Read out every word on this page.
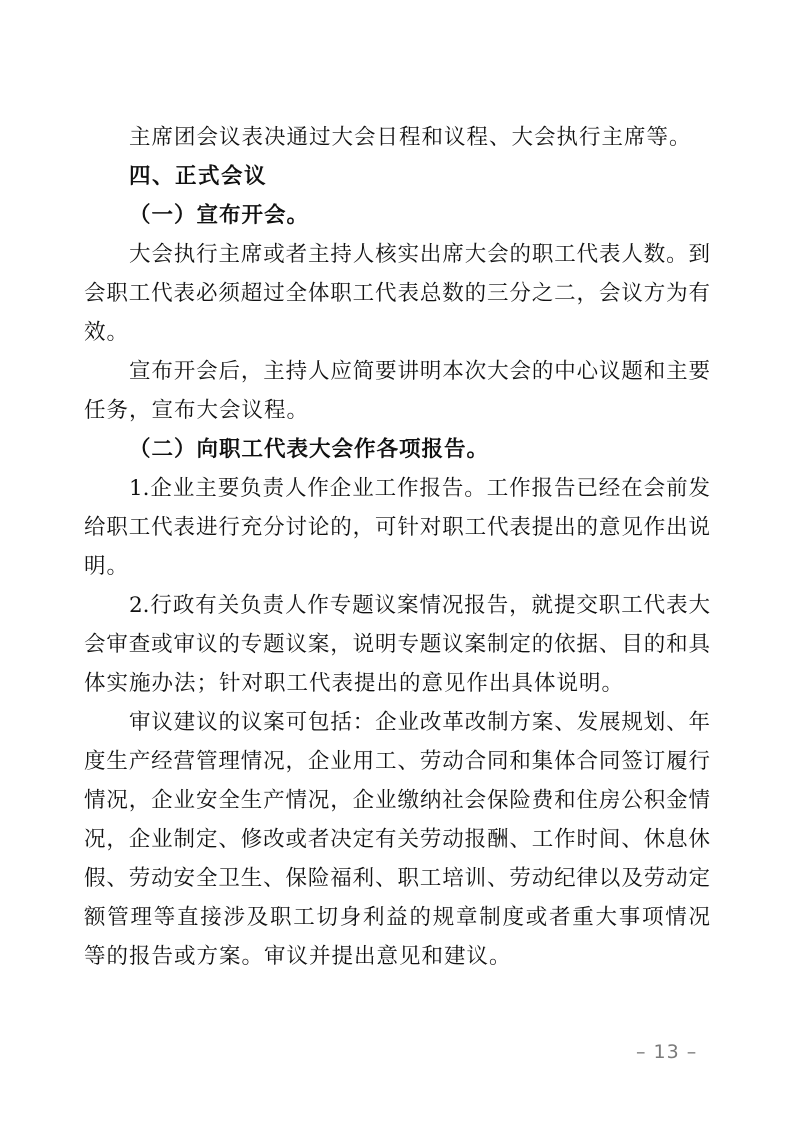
主席团会议表决通过大会日程和议程、大会执行主席等。
四、正式会议
（一）宣布开会。
大会执行主席或者主持人核实出席大会的职工代表人数。到
会职工代表必须超过全体职工代表总数的三分之二，会议方为有
效。
宣布开会后，主持人应简要讲明本次大会的中心议题和主要
任务，宣布大会议程。
（二）向职工代表大会作各项报告。
1.企业主要负责人作企业工作报告。工作报告已经在会前发
给职工代表进行充分讨论的，可针对职工代表提出的意见作出说
明。
2.行政有关负责人作专题议案情况报告，就提交职工代表大
会审查或审议的专题议案，说明专题议案制定的依据、目的和具
体实施办法；针对职工代表提出的意见作出具体说明。
审议建议的议案可包括：企业改革改制方案、发展规划、年
度生产经营管理情况，企业用工、劳动合同和集体合同签订履行
情况，企业安全生产情况，企业缴纳社会保险费和住房公积金情
况，企业制定、修改或者决定有关劳动报酬、工作时间、休息休
假、劳动安全卫生、保险福利、职工培训、劳动纪律以及劳动定
额管理等直接涉及职工切身利益的规章制度或者重大事项情况
等的报告或方案。审议并提出意见和建议。
– 13 –
